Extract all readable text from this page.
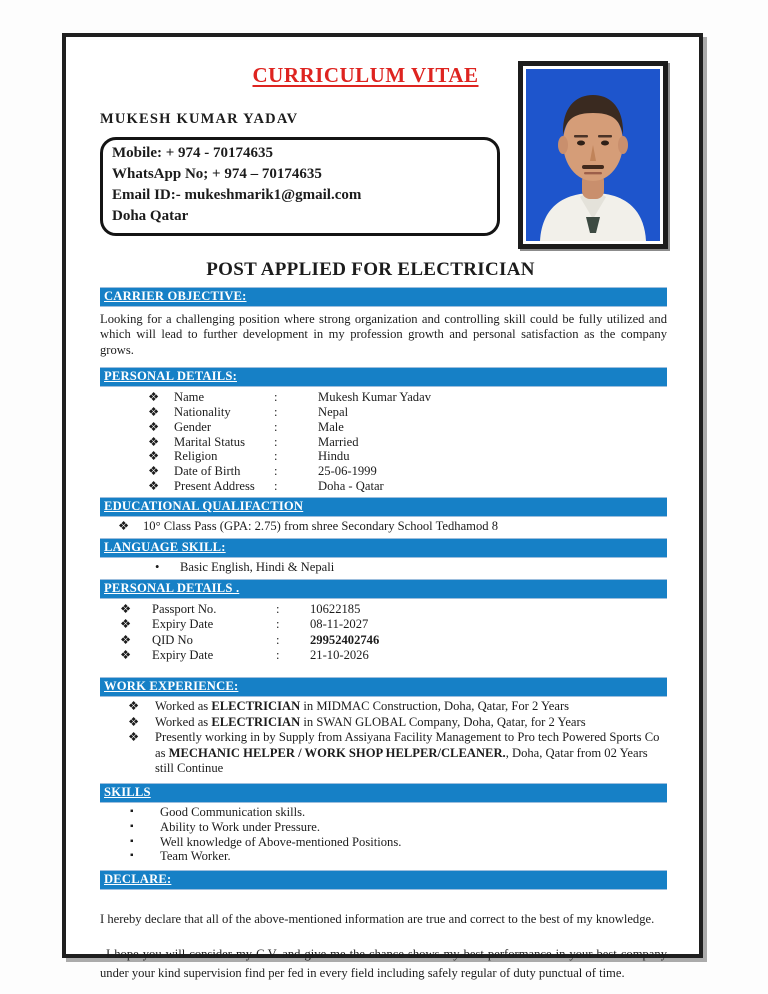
CURRICULUM VITAE
MUKESH KUMAR YADAV
Mobile: + 974 - 70174635
WhatsApp No; + 974 – 70174635
Email ID:- mukeshmarik1@gmail.com
Doha Qatar
POST APPLIED FOR ELECTRICIAN
CARRIER OBJECTIVE:
Looking for a challenging position where strong organization and controlling skill could be fully utilized and which will lead to further development in my profession growth and personal satisfaction as the company grows.
PERSONAL DETAILS:
❖	Name	:	Mukesh Kumar Yadav
❖	Nationality	:	Nepal
❖	Gender	:	Male
❖	Marital Status	:	Married
❖	Religion	:	Hindu
❖	Date of Birth	:	25-06-1999
❖	Present Address	:	Doha - Qatar
EDUCATIONAL QUALIFACTION
❖	10° Class Pass (GPA: 2.75) from shree Secondary School Tedhamod 8
LANGUAGE SKILL:
•	Basic English, Hindi & Nepali
PERSONAL DETAILS .
❖	Passport No.	:	10622185
❖	Expiry Date	:	08-11-2027
❖	QID No	:	29952402746
❖	Expiry Date	:	21-10-2026
WORK EXPERIENCE:
❖	Worked as ELECTRICIAN in MIDMAC Construction, Doha, Qatar, For 2 Years
❖	Worked as ELECTRICIAN in SWAN GLOBAL Company, Doha, Qatar, for 2 Years
❖	Presently working in by Supply from Assiyana Facility Management to Pro tech Powered Sports Co as MECHANIC HELPER / WORK SHOP HELPER/CLEANER., Doha, Qatar from 02 Years still Continue
SKILLS
▪	Good Communication skills.
▪	Ability to Work under Pressure.
▪	Well knowledge of Above-mentioned Positions.
▪	Team Worker.
DECLARE:
I hereby declare that all of the above-mentioned information are true and correct to the best of my knowledge.
I hope you will consider my C.V. and give me the chance shows my best performance in your best company under your kind supervision find per fed in every field including safely regular of duty punctual of time.
